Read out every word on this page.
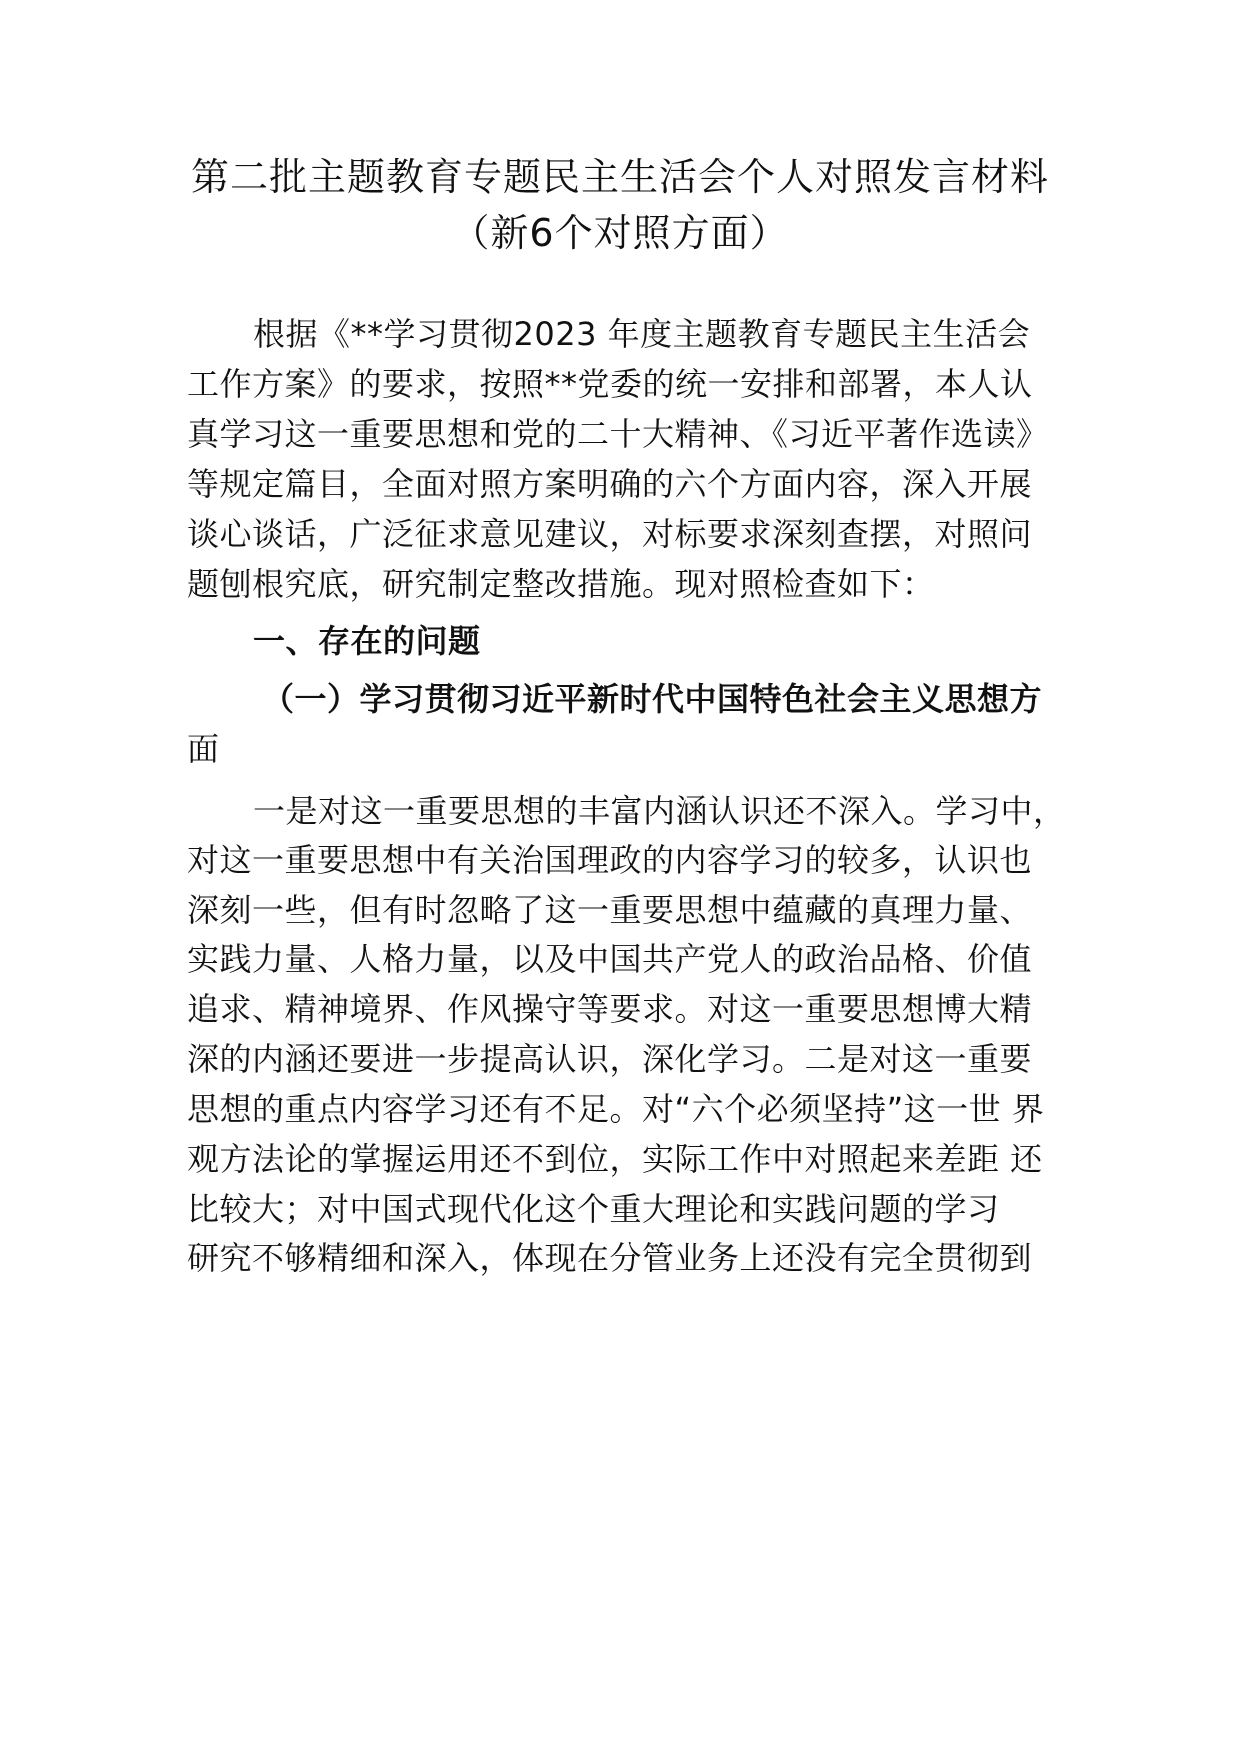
第二批主题教育专题民主生活会个人对照发言材料
（新6个对照方面）

根据《**学习贯彻2023 年度主题教育专题民主生活会

工作方案》的要求，按照**党委的统一安排和部署，本人认

真学习这一重要思想和党的二十大精神、《习近平著作选读》

等规定篇目，全面对照方案明确的六个方面内容，深入开展

谈心谈话，广泛征求意见建议，对标要求深刻查摆，对照问

题刨根究底，研究制定整改措施。现对照检查如下：

一、存在的问题

（一）学习贯彻习近平新时代中国特色社会主义思想方

面

一是对这一重要思想的丰富内涵认识还不深入。学习中，

对这一重要思想中有关治国理政的内容学习的较多，认识也

深刻一些，但有时忽略了这一重要思想中蕴藏的真理力量、

实践力量、人格力量，以及中国共产党人的政治品格、价值

追求、精神境界、作风操守等要求。对这一重要思想博大精

深的内涵还要进一步提高认识，深化学习。二是对这一重要

思想的重点内容学习还有不足。对“六个必须坚持”这一世 界

观方法论的掌握运用还不到位，实际工作中对照起来差距 还

比较大；对中国式现代化这个重大理论和实践问题的学习

研究不够精细和深入，体现在分管业务上还没有完全贯彻到
